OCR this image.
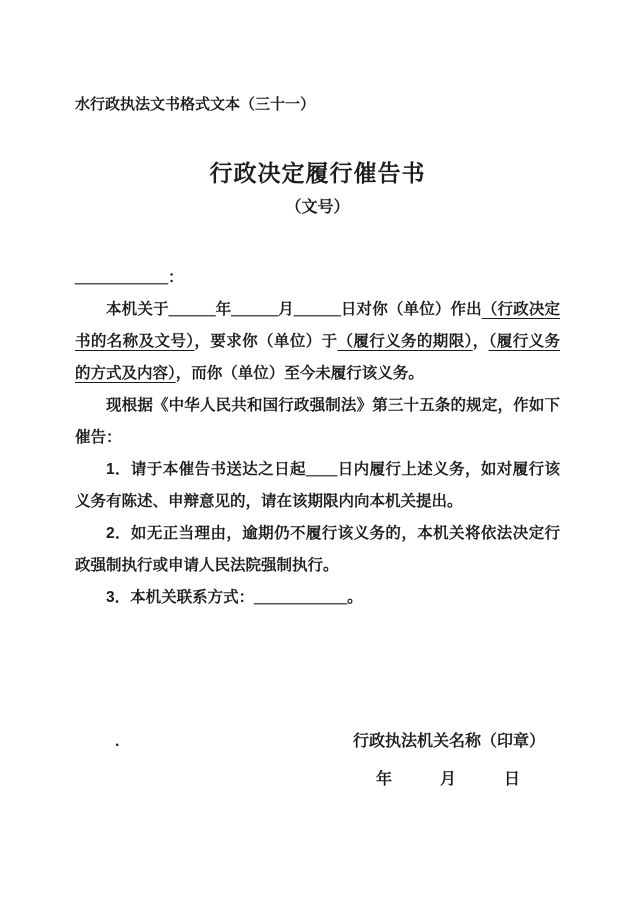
水行政执法文书格式文本（三十一）

行政决定履行催告书

（文号）

＿＿＿＿＿＿：

本机关于＿＿＿年＿＿＿月＿＿＿日对你（单位）作出（行政决定书的名称及文号），要求你（单位）于（履行义务的期限），（履行义务的方式及内容），而你（单位）至今未履行该义务。

现根据《中华人民共和国行政强制法》第三十五条的规定，作如下催告：

1．请于本催告书送达之日起＿＿日内履行上述义务，如对履行该义务有陈述、申辩意见的，请在该期限内向本机关提出。

2．如无正当理由，逾期仍不履行该义务的，本机关将依法决定行政强制执行或申请人民法院强制执行。

3．本机关联系方式：＿＿＿＿＿＿。

.	行政执法机关名称（印章）
年　　　月　　　日
